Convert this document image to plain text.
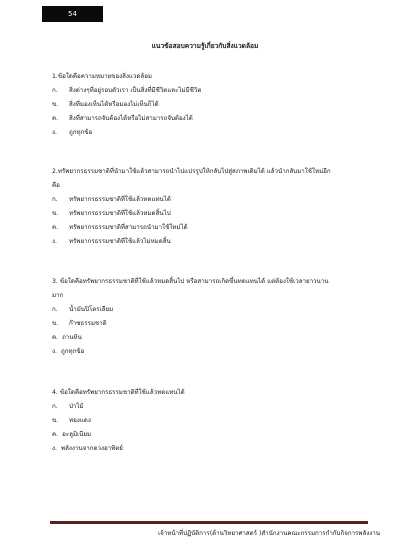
54
แนวข้อสอบความรู้เกี่ยวกับสิ่งแวดล้อม
1.ข้อใดคือความหมายของสิ่งแวดล้อม
ก. สิ่งต่างๆที่อยู่รอบตัวเรา เป็นสิ่งที่มีชีวิตและไม่มีชีวิต
ข. สิ่งที่มองเห็นได้หรือมองไม่เห็นก็ได้
ค. สิ่งที่สามารถจับต้องได้หรือไม่สามารถจับต้องได้
ง. ถูกทุกข้อ
2.ทรัพยากรธรรมชาติที่นำมาใช้แล้วสามารถนำไปแปรรูปให้กลับไปสู่สภาพเดิมได้ แล้วนำกลับมาใช้ใหม่อีก
คือ
ก. ทรัพยากรธรรมชาติที่ใช้แล้วทดแทนได้
ข. ทรัพยากรธรรมชาติที่ใช้แล้วหมดสิ้นไป
ค. ทรัพยากรธรรมชาติที่สามารถนำมาใช้ใหม่ได้
ง. ทรัพยากรธรรมชาติที่ใช้แล้วไม่หมดสิ้น
3. ข้อใดคือทรัพยากรธรรมชาติที่ใช้แล้วหมดสิ้นไป หรือสามารถเกิดขึ้นทดแทนได้ แต่ต้องใช้เวลายาวนาน
มาก
ก. น้ำมันปิโตรเลียม
ข. ก๊าซธรรมชาติ
ค. ถ่านหิน
ง. ถูกทุกข้อ
4. ข้อใดคือทรัพยากรธรรมชาติที่ใช้แล้วทดแทนได้
ก. ป่าไม้
ข. ทองแดง
ค. อะลูมิเนียม
ง. พลังงานจากดวงอาทิตย์
เจ้าหน้าที่ปฏิบัติการ(ด้านวิทยาศาสตร์ )สำนักงานคณะกรรมการกำกับกิจการพลังงาน
